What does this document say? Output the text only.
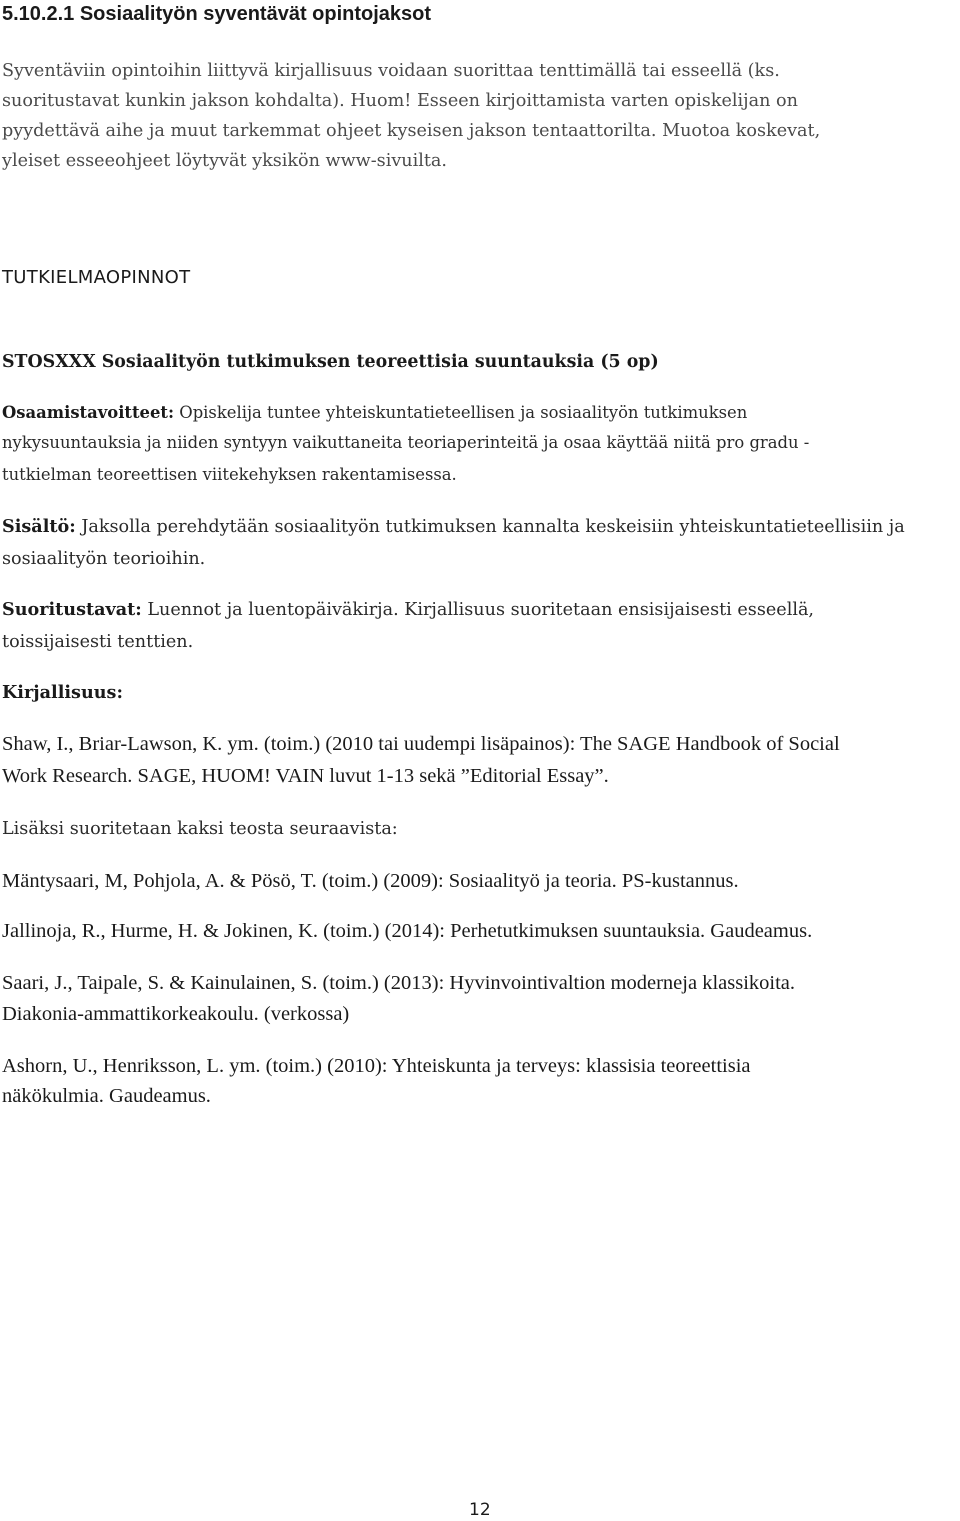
5.10.2.1 Sosiaalityön syventävät opintojaksot
Syventäviin opintoihin liittyvä kirjallisuus voidaan suorittaa tenttimällä tai esseellä (ks.
suoritustavat kunkin jakson kohdalta). Huom! Esseen kirjoittamista varten opiskelijan on
pyydettävä aihe ja muut tarkemmat ohjeet kyseisen jakson tentaattorilta. Muotoa koskevat,
yleiset esseeohjeet löytyvät yksikön www-sivuilta.
TUTKIELMAOPINNOT
STOSXXX Sosiaalityön tutkimuksen teoreettisia suuntauksia (5 op)
Osaamistavoitteet: Opiskelija tuntee yhteiskuntatieteellisen ja sosiaalityön tutkimuksen
nykysuuntauksia ja niiden syntyyn vaikuttaneita teoriaperinteitä ja osaa käyttää niitä pro gradu -
tutkielman teoreettisen viitekehyksen rakentamisessa.
Sisältö: Jaksolla perehdytään sosiaalityön tutkimuksen kannalta keskeisiin yhteiskuntatieteellisiin ja
sosiaalityön teorioihin.
Suoritustavat: Luennot ja luentopäiväkirja. Kirjallisuus suoritetaan ensisijaisesti esseellä,
toissijaisesti tenttien.
Kirjallisuus:
Shaw, I., Briar-Lawson, K. ym. (toim.) (2010 tai uudempi lisäpainos): The SAGE Handbook of Social
Work Research. SAGE, HUOM! VAIN luvut 1-13 sekä ”Editorial Essay”.
Lisäksi suoritetaan kaksi teosta seuraavista:
Mäntysaari, M, Pohjola, A. & Pösö, T. (toim.) (2009): Sosiaalityö ja teoria. PS-kustannus.
Jallinoja, R., Hurme, H. & Jokinen, K. (toim.) (2014): Perhetutkimuksen suuntauksia. Gaudeamus.
Saari, J., Taipale, S. & Kainulainen, S. (toim.) (2013): Hyvinvointivaltion moderneja klassikoita.
Diakonia-ammattikorkeakoulu. (verkossa)
Ashorn, U., Henriksson, L. ym. (toim.) (2010): Yhteiskunta ja terveys: klassisia teoreettisia
näkökulmia. Gaudeamus.
12
